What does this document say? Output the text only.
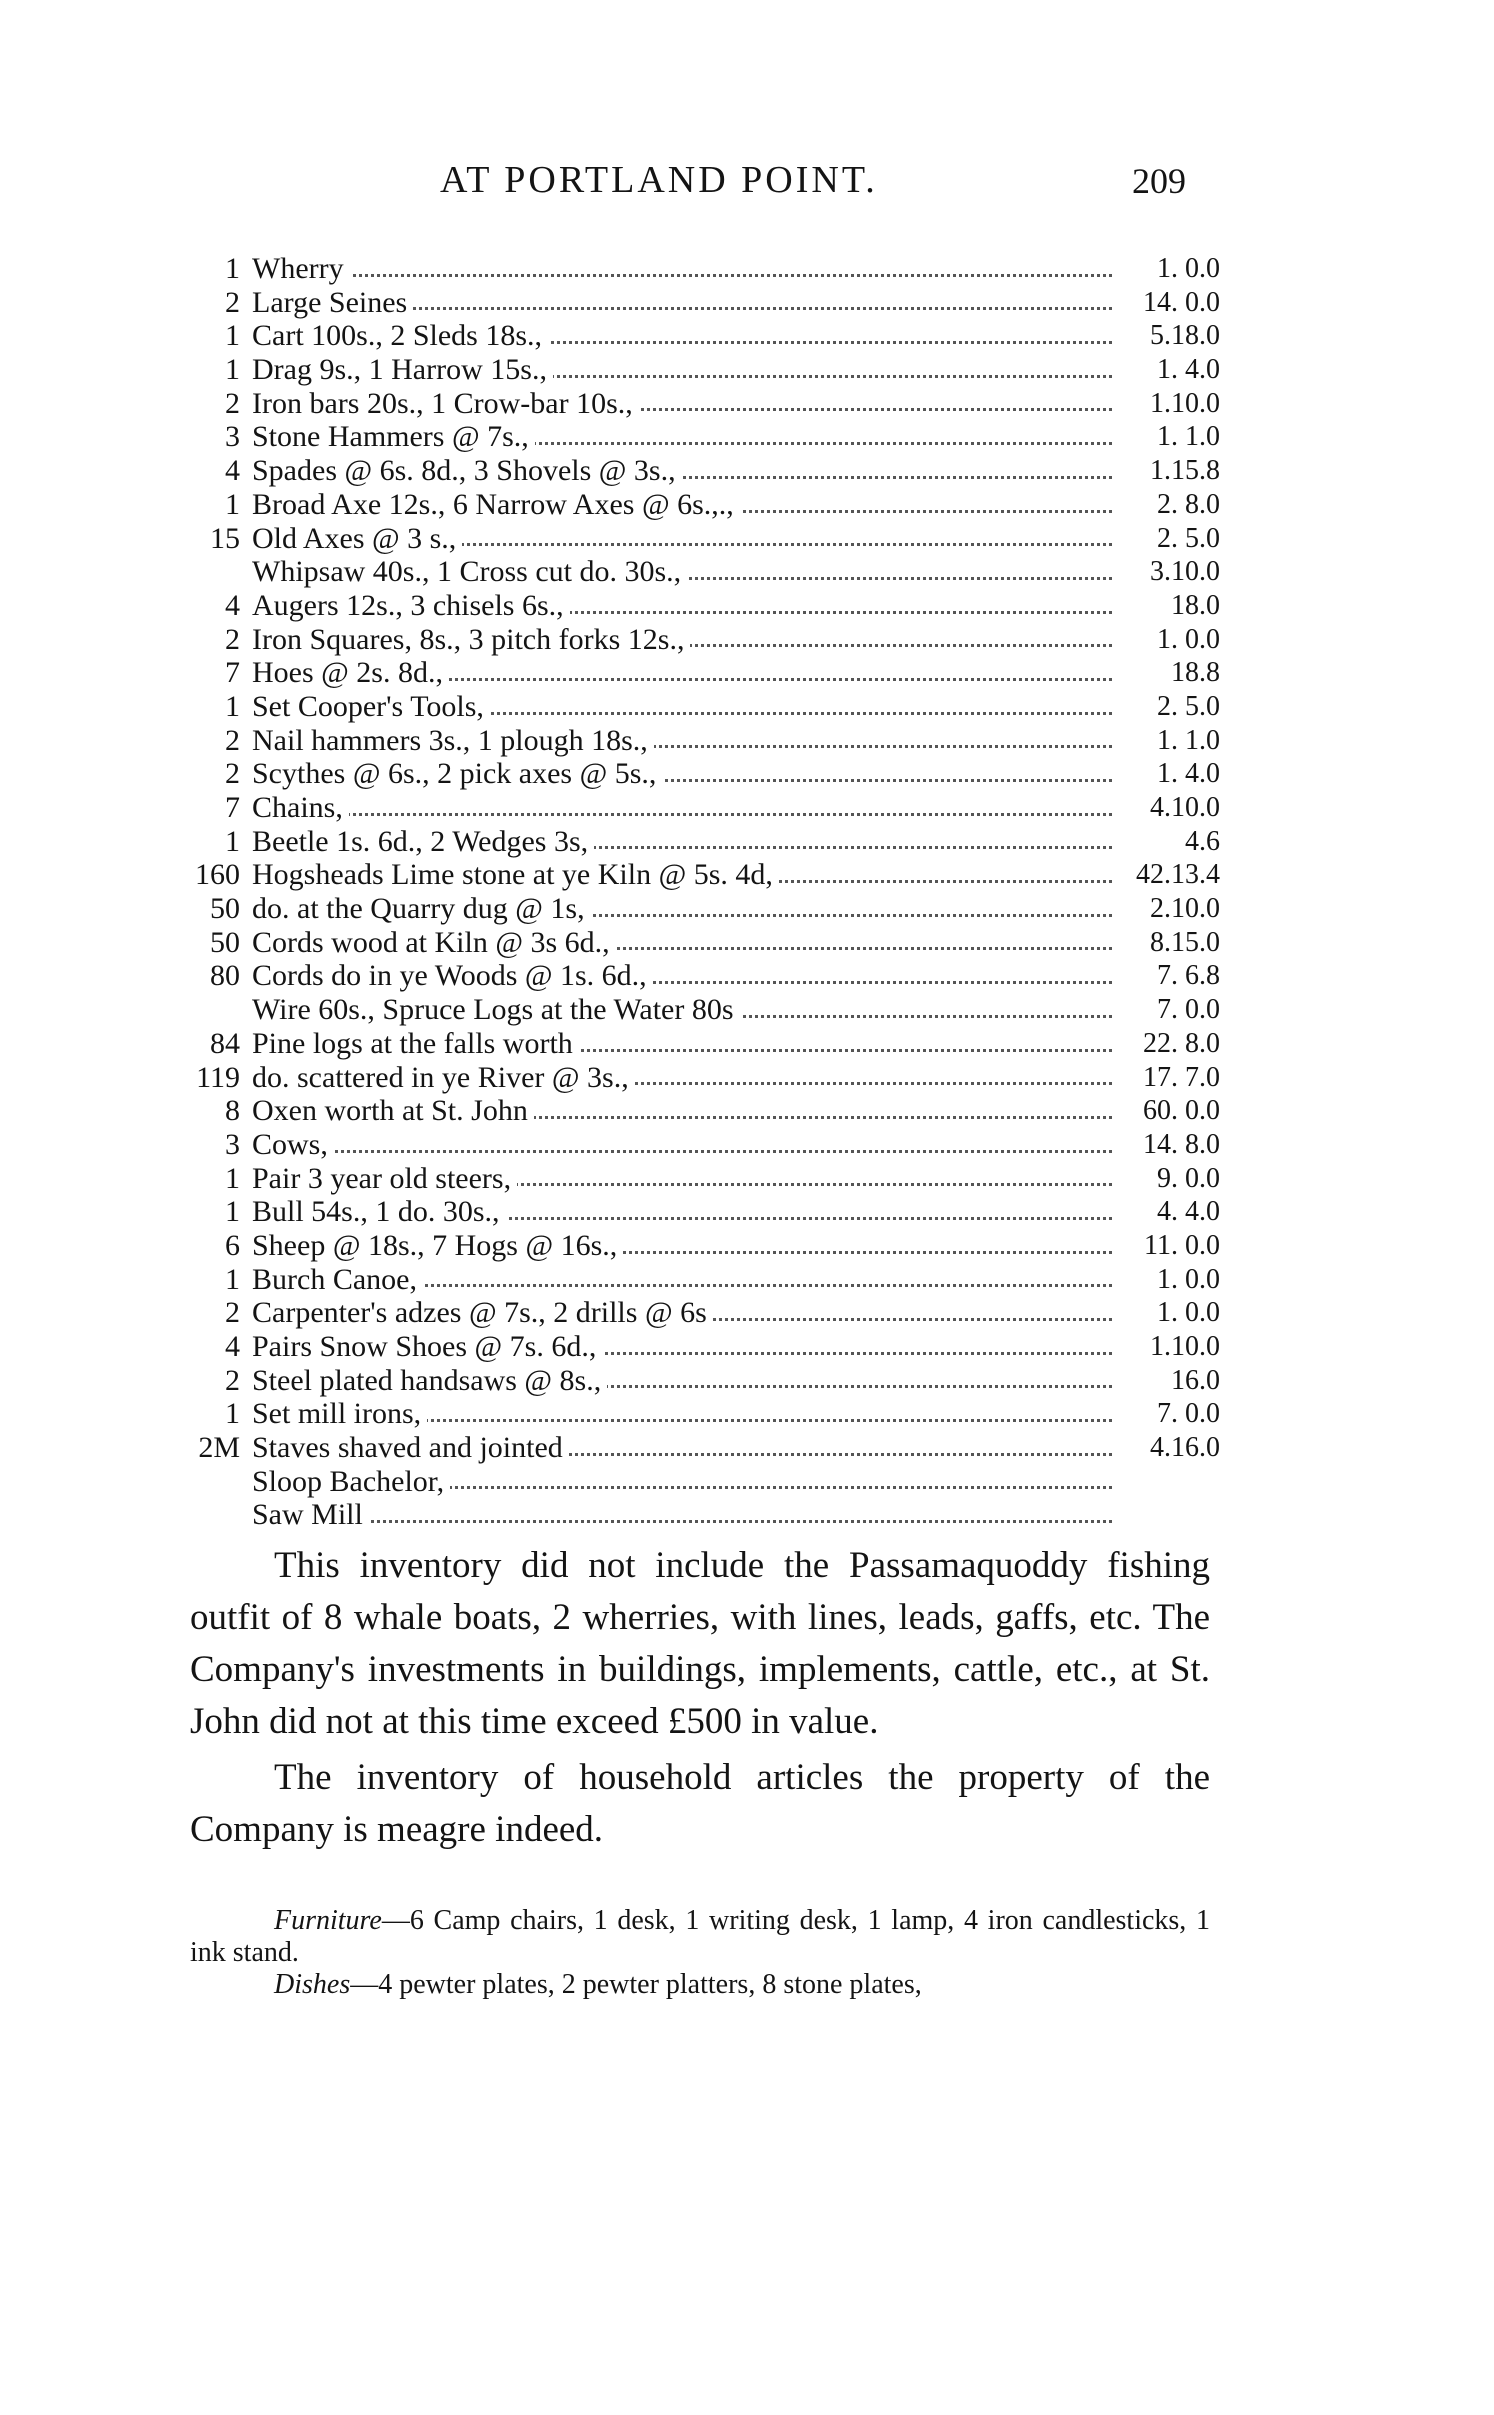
AT PORTLAND POINT.	209
1 Wherry	1. 0.0
2 Large Seines	14. 0.0
1 Cart 100s., 2 Sleds 18s.,	5.18.0
1 Drag 9s., 1 Harrow 15s.,	1. 4.0
2 Iron bars 20s., 1 Crow-bar 10s.,	1.10.0
3 Stone Hammers @ 7s.,	1. 1.0
4 Spades @ 6s. 8d., 3 Shovels @ 3s.,	1.15.8
1 Broad Axe 12s., 6 Narrow Axes @ 6s.,.,	2. 8.0
15 Old Axes @ 3 s.,	2. 5.0
Whipsaw 40s., 1 Cross cut do. 30s.,	3.10.0
4 Augers 12s., 3 chisels 6s.,	18.0
2 Iron Squares, 8s., 3 pitch forks 12s.,	1. 0.0
7 Hoes @ 2s. 8d.,	18.8
1 Set Cooper's Tools,	2. 5.0
2 Nail hammers 3s., 1 plough 18s.,	1. 1.0
2 Scythes @ 6s., 2 pick axes @ 5s.,	1. 4.0
7 Chains,	4.10.0
1 Beetle 1s. 6d., 2 Wedges 3s,	4.6
160 Hogsheads Lime stone at ye Kiln @ 5s. 4d,	42.13.4
50 do. at the Quarry dug @ 1s,	2.10.0
50 Cords wood at Kiln @ 3s 6d.,	8.15.0
80 Cords do in ye Woods @ 1s. 6d.,	7. 6.8
Wire 60s., Spruce Logs at the Water 80s	7. 0.0
84 Pine logs at the falls worth	22. 8.0
119 do. scattered in ye River @ 3s.,	17. 7.0
8 Oxen worth at St. John	60. 0.0
3 Cows,	14. 8.0
1 Pair 3 year old steers,	9. 0.0
1 Bull 54s., 1 do. 30s.,	4. 4.0
6 Sheep @ 18s., 7 Hogs @ 16s.,	11. 0.0
1 Burch Canoe,	1. 0.0
2 Carpenter's adzes @ 7s., 2 drills @ 6s	1. 0.0
4 Pairs Snow Shoes @ 7s. 6d.,	1.10.0
2 Steel plated handsaws @ 8s.,	16.0
1 Set mill irons,	7. 0.0
2M Staves shaved and jointed	4.16.0
Sloop Bachelor,
Saw Mill

This inventory did not include the Passamaquoddy fishing outfit of 8 whale boats, 2 wherries, with lines, leads, gaffs, etc. The Company's investments in buildings, implements, cattle, etc., at St. John did not at this time exceed £500 in value.

The inventory of household articles the property of the Company is meagre indeed.

Furniture—6 Camp chairs, 1 desk, 1 writing desk, 1 lamp, 4 iron candlesticks, 1 ink stand.

Dishes—4 pewter plates, 2 pewter platters, 8 stone plates,
